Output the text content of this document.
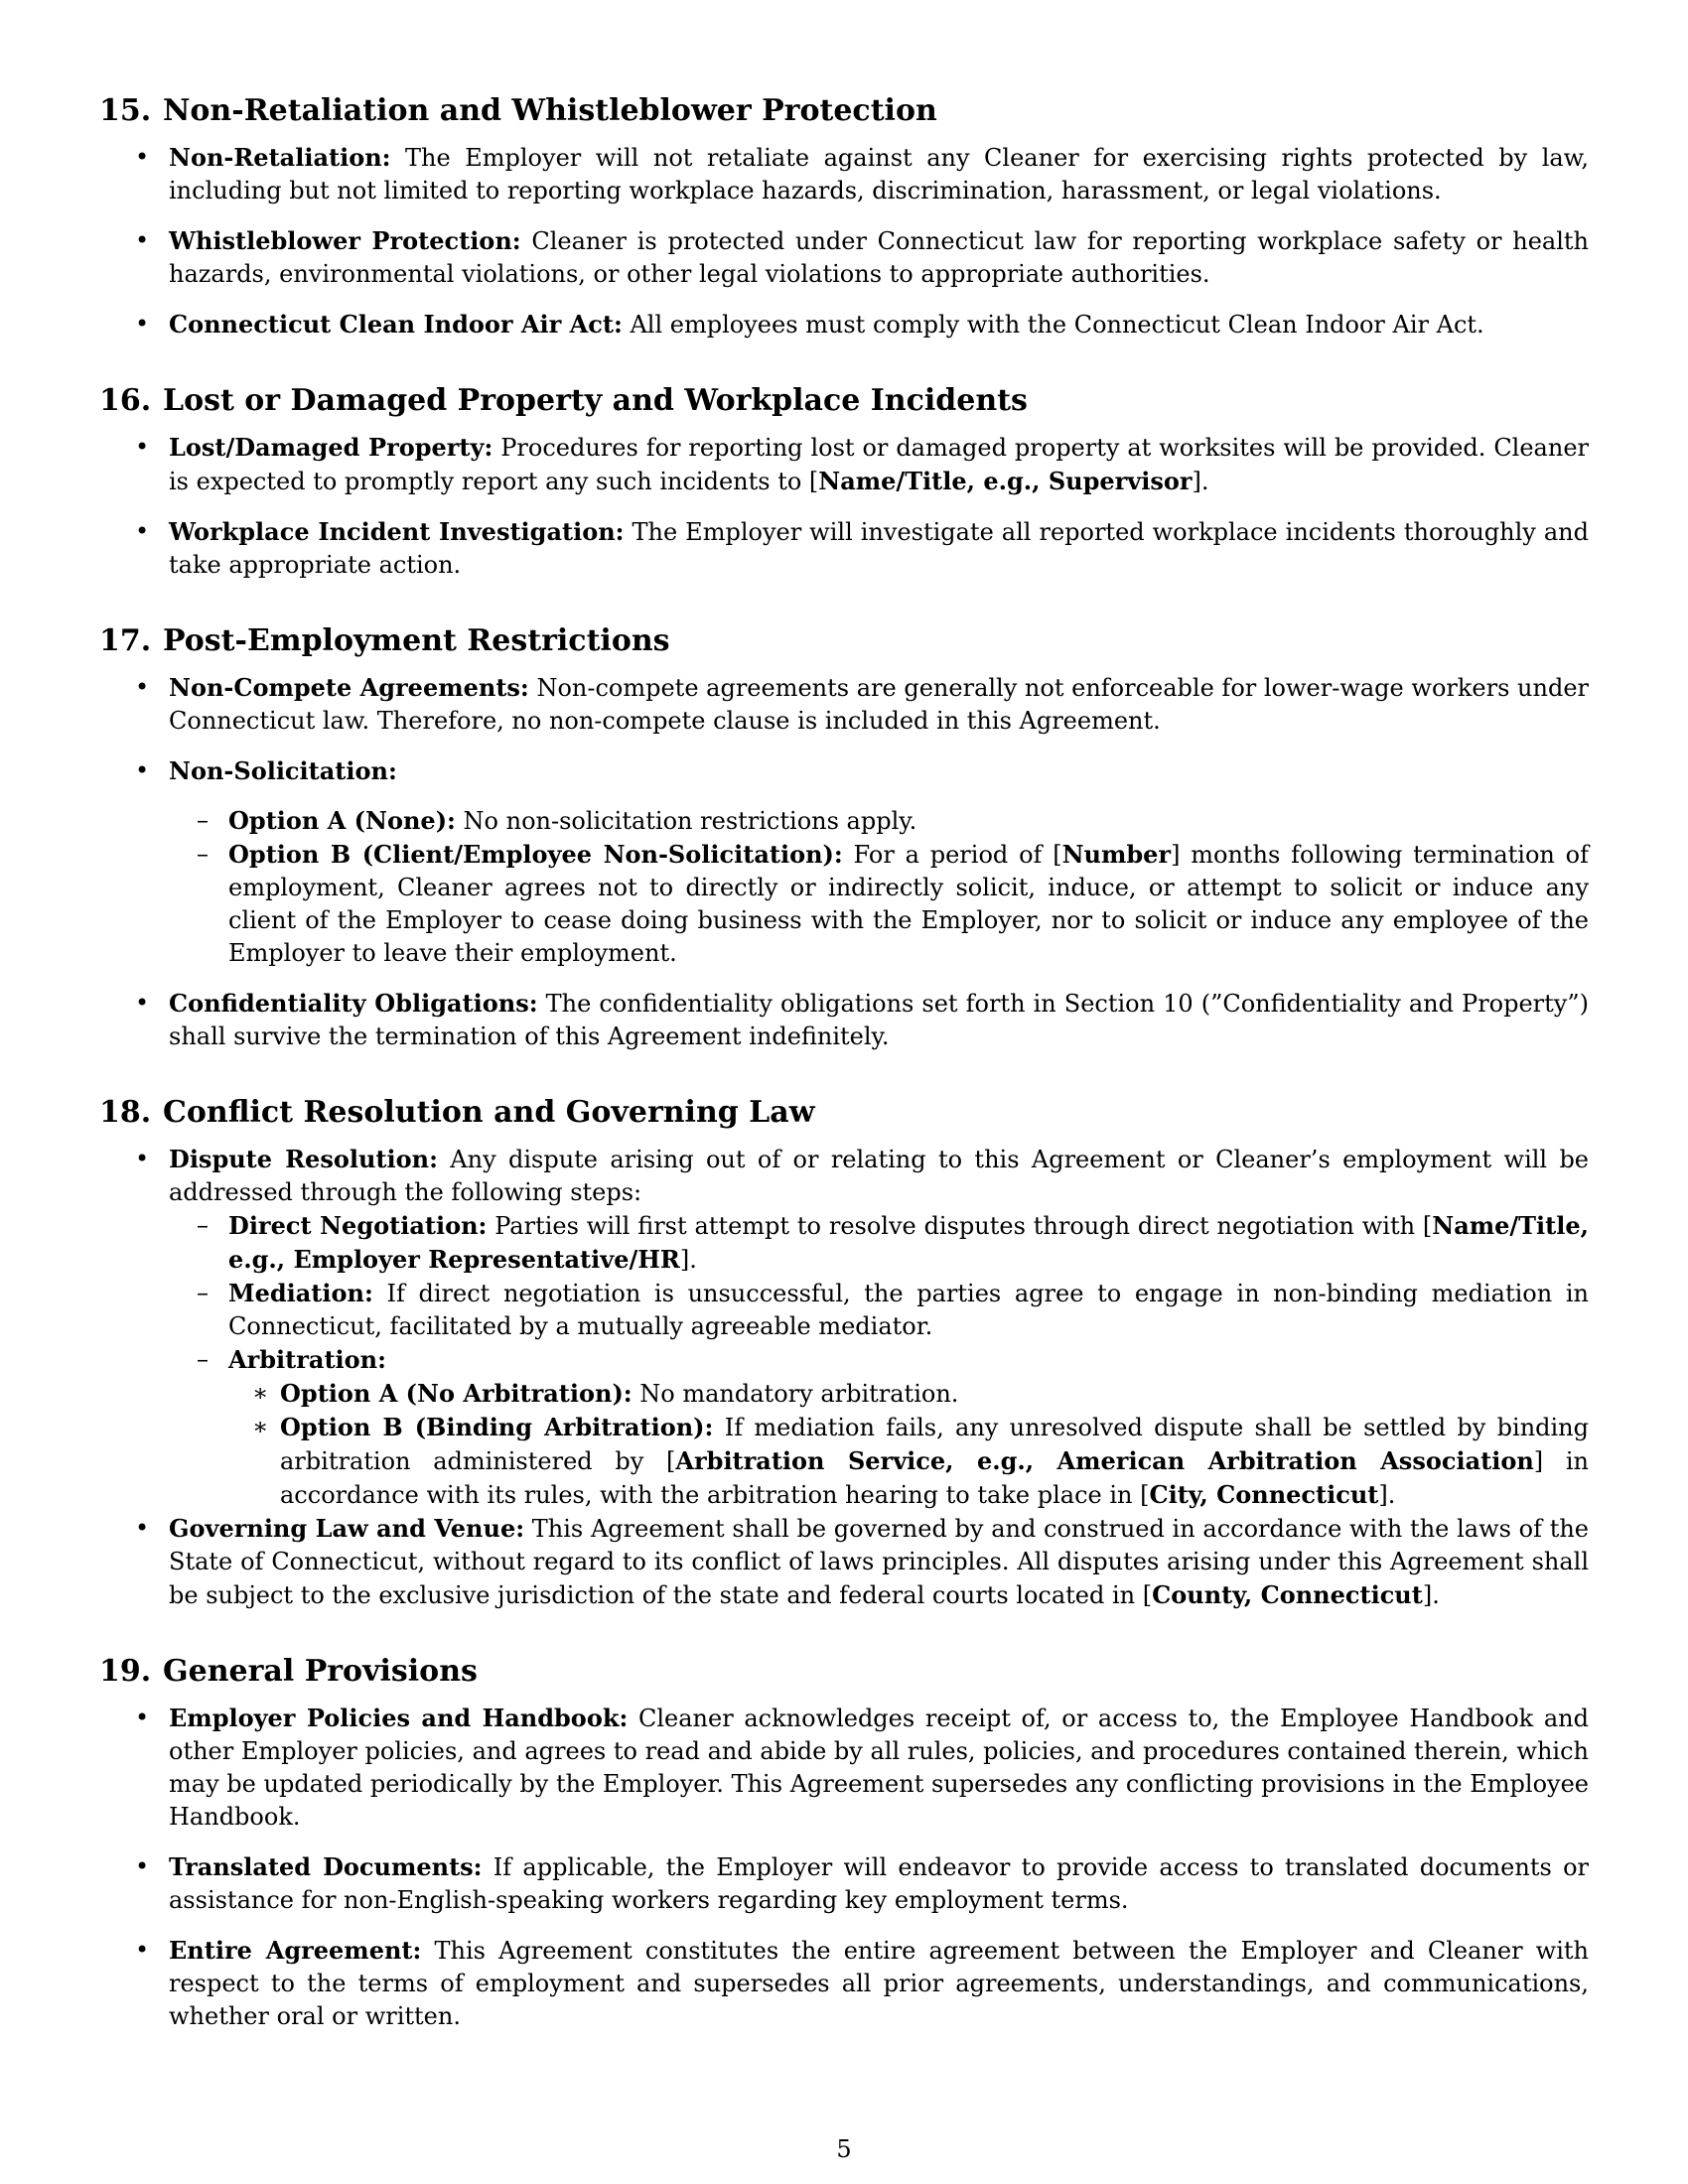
15. Non-Retaliation and Whistleblower Protection
• Non-Retaliation: The Employer will not retaliate against any Cleaner for exercising rights protected by law, including but not limited to reporting workplace hazards, discrimination, harassment, or legal violations.
• Whistleblower Protection: Cleaner is protected under Connecticut law for reporting workplace safety or health hazards, environmental violations, or other legal violations to appropriate authorities.
• Connecticut Clean Indoor Air Act: All employees must comply with the Connecticut Clean Indoor Air Act.
16. Lost or Damaged Property and Workplace Incidents
• Lost/Damaged Property: Procedures for reporting lost or damaged property at worksites will be provided. Cleaner is expected to promptly report any such incidents to [Name/Title, e.g., Supervisor].
• Workplace Incident Investigation: The Employer will investigate all reported workplace incidents thoroughly and take appropriate action.
17. Post-Employment Restrictions
• Non-Compete Agreements: Non-compete agreements are generally not enforceable for lower-wage workers under Connecticut law. Therefore, no non-compete clause is included in this Agreement.
• Non-Solicitation:
– Option A (None): No non-solicitation restrictions apply.
– Option B (Client/Employee Non-Solicitation): For a period of [Number] months following termination of employment, Cleaner agrees not to directly or indirectly solicit, induce, or attempt to solicit or induce any client of the Employer to cease doing business with the Employer, nor to solicit or induce any employee of the Employer to leave their employment.
• Confidentiality Obligations: The confidentiality obligations set forth in Section 10 (”Confidentiality and Property”) shall survive the termination of this Agreement indefinitely.
18. Conflict Resolution and Governing Law
• Dispute Resolution: Any dispute arising out of or relating to this Agreement or Cleaner’s employment will be addressed through the following steps:
– Direct Negotiation: Parties will first attempt to resolve disputes through direct negotiation with [Name/Title, e.g., Employer Representative/HR].
– Mediation: If direct negotiation is unsuccessful, the parties agree to engage in non-binding mediation in Connecticut, facilitated by a mutually agreeable mediator.
– Arbitration:
∗ Option A (No Arbitration): No mandatory arbitration.
∗ Option B (Binding Arbitration): If mediation fails, any unresolved dispute shall be settled by binding arbitration administered by [Arbitration Service, e.g., American Arbitration Association] in accordance with its rules, with the arbitration hearing to take place in [City, Connecticut].
• Governing Law and Venue: This Agreement shall be governed by and construed in accordance with the laws of the State of Connecticut, without regard to its conflict of laws principles. All disputes arising under this Agreement shall be subject to the exclusive jurisdiction of the state and federal courts located in [County, Connecticut].
19. General Provisions
• Employer Policies and Handbook: Cleaner acknowledges receipt of, or access to, the Employee Handbook and other Employer policies, and agrees to read and abide by all rules, policies, and procedures contained therein, which may be updated periodically by the Employer. This Agreement supersedes any conflicting provisions in the Employee Handbook.
• Translated Documents: If applicable, the Employer will endeavor to provide access to translated documents or assistance for non-English-speaking workers regarding key employment terms.
• Entire Agreement: This Agreement constitutes the entire agreement between the Employer and Cleaner with respect to the terms of employment and supersedes all prior agreements, understandings, and communications, whether oral or written.
5
